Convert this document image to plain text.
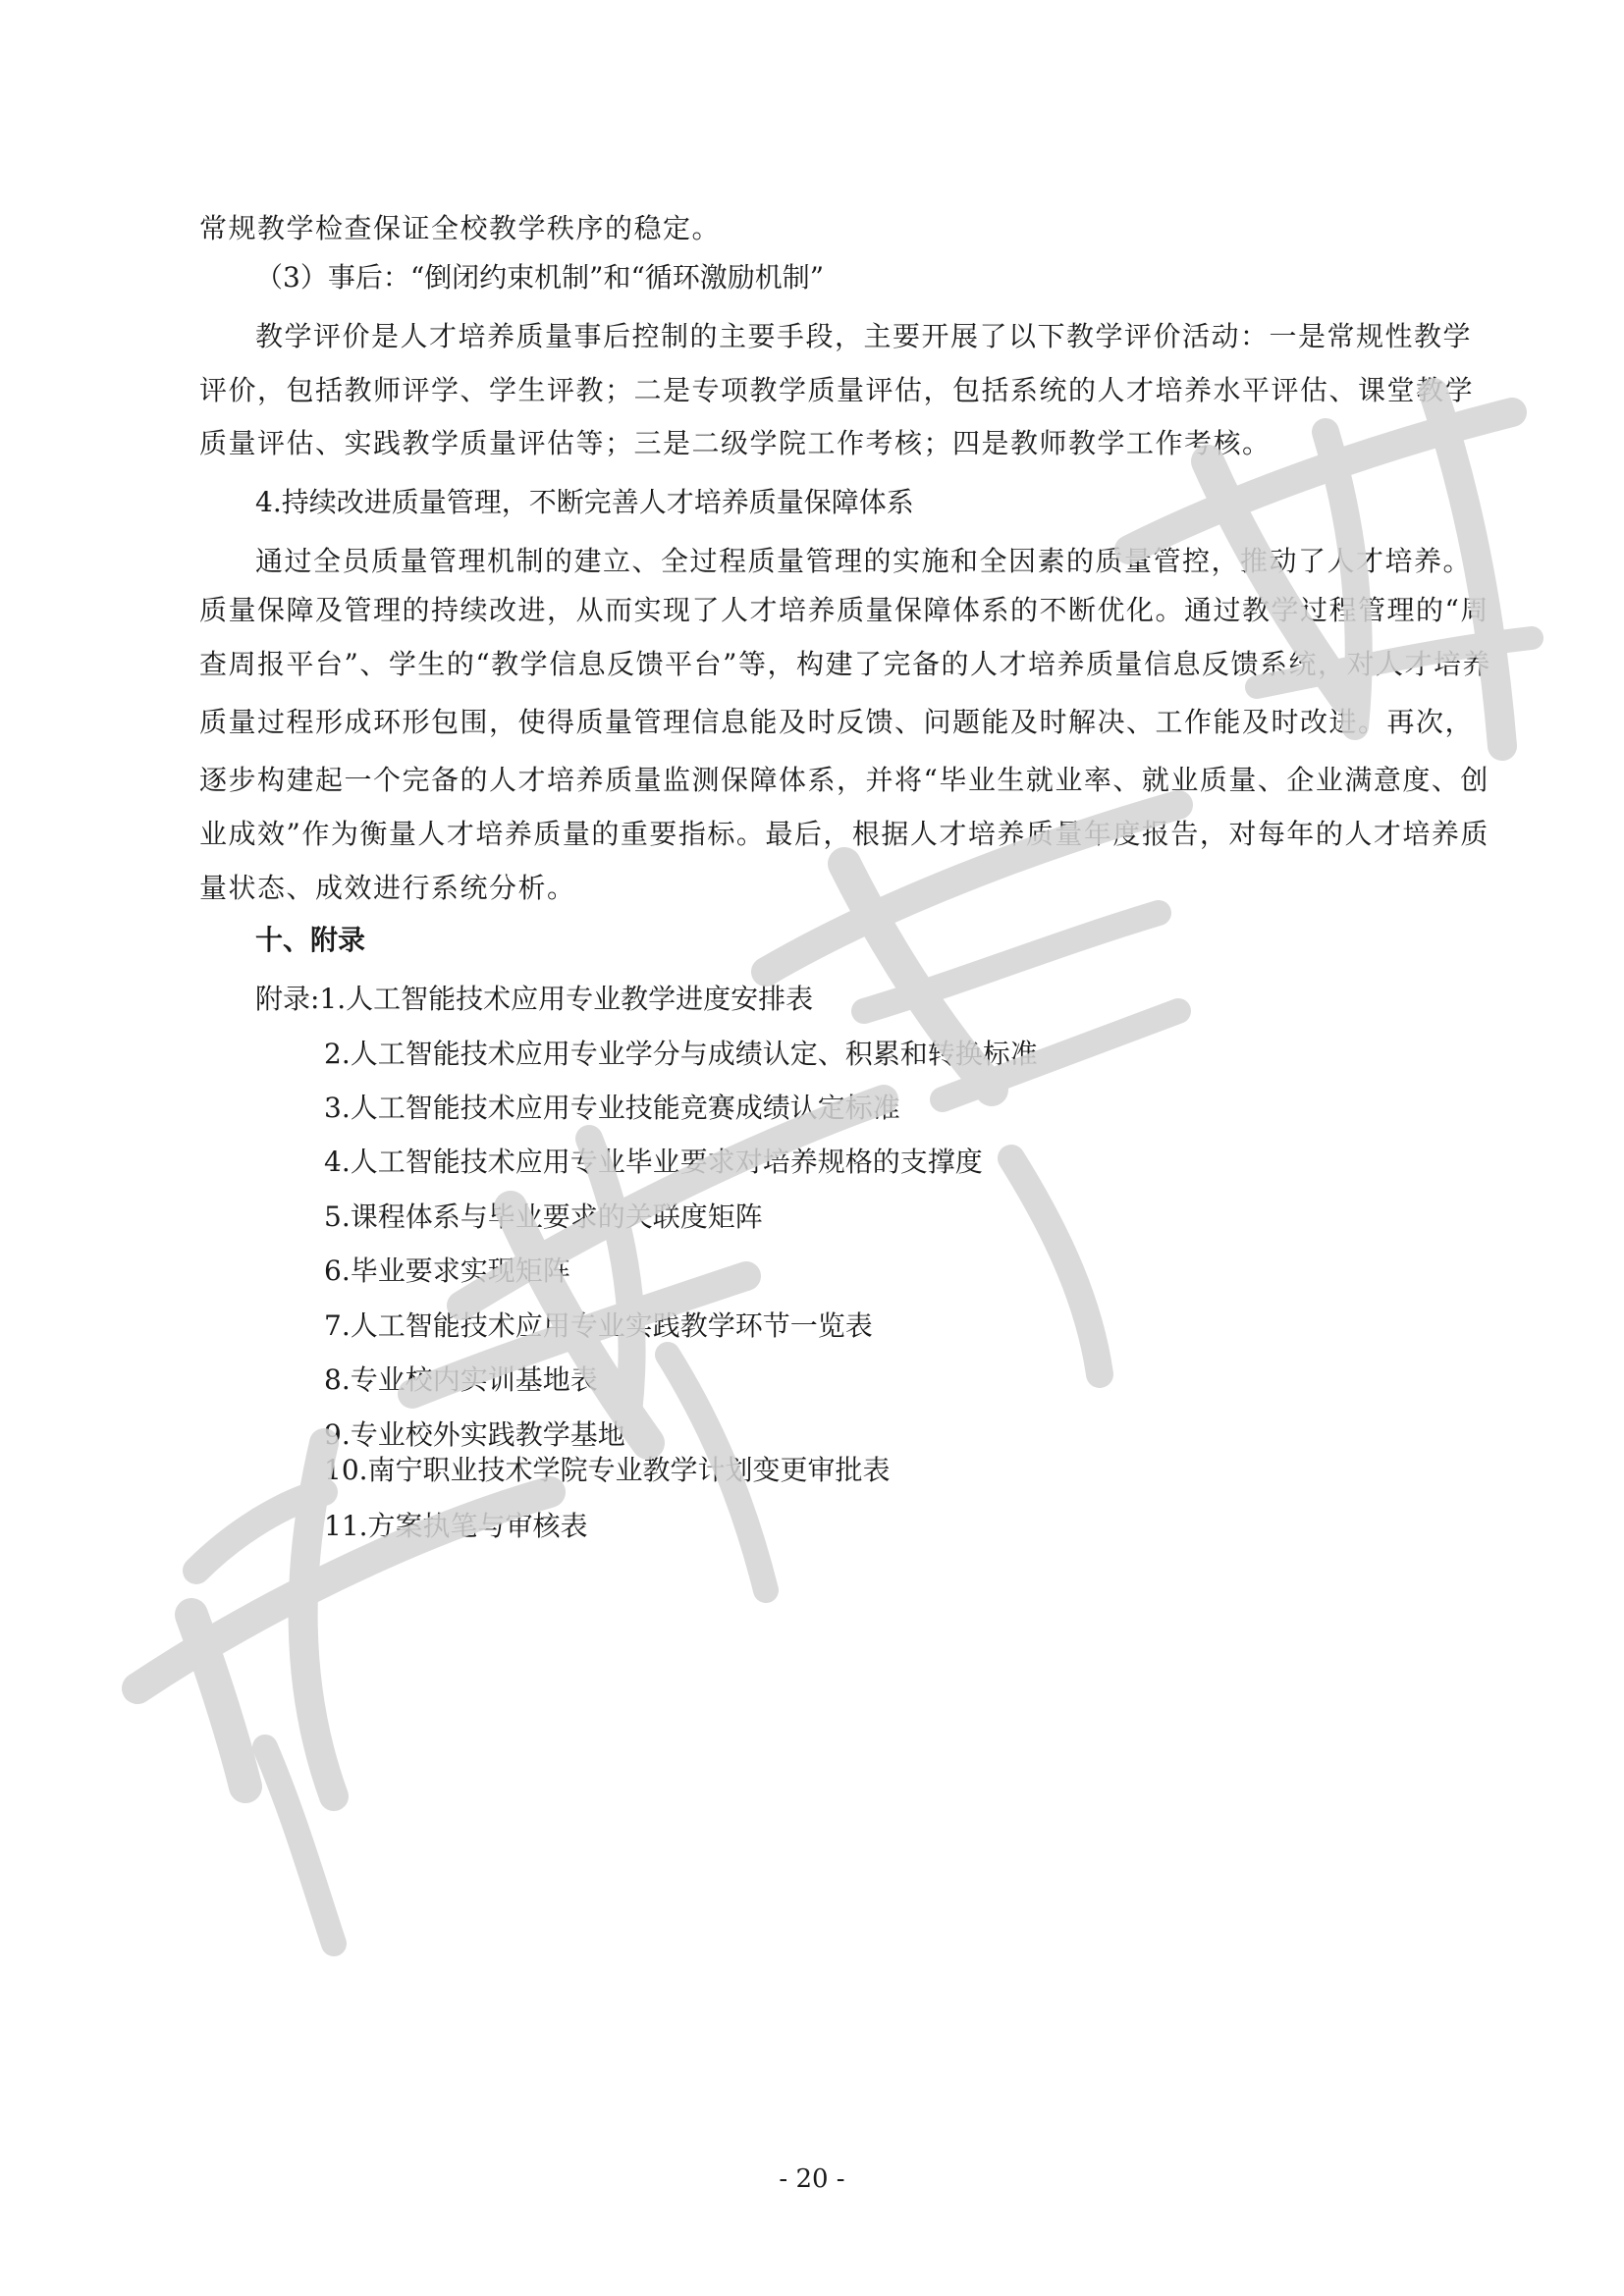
常规教学检查保证全校教学秩序的稳定。
（3）事后：“倒闭约束机制”和“循环激励机制”
教学评价是人才培养质量事后控制的主要手段，主要开展了以下教学评价活动：一是常规性教学
评价，包括教师评学、学生评教；二是专项教学质量评估，包括系统的人才培养水平评估、课堂教学
质量评估、实践教学质量评估等；三是二级学院工作考核；四是教师教学工作考核。
4.持续改进质量管理，不断完善人才培养质量保障体系
通过全员质量管理机制的建立、全过程质量管理的实施和全因素的质量管控，推动了人才培养。
质量保障及管理的持续改进，从而实现了人才培养质量保障体系的不断优化。通过教学过程管理的“周
查周报平台”、学生的“教学信息反馈平台”等，构建了完备的人才培养质量信息反馈系统，对人才培养
质量过程形成环形包围，使得质量管理信息能及时反馈、问题能及时解决、工作能及时改进。再次，
逐步构建起一个完备的人才培养质量监测保障体系，并将“毕业生就业率、就业质量、企业满意度、创
业成效”作为衡量人才培养质量的重要指标。最后，根据人才培养质量年度报告，对每年的人才培养质
量状态、成效进行系统分析。
十、附录
附录:1.人工智能技术应用专业教学进度安排表
2.人工智能技术应用专业学分与成绩认定、积累和转换标准
3.人工智能技术应用专业技能竞赛成绩认定标准
4.人工智能技术应用专业毕业要求对培养规格的支撑度
5.课程体系与毕业要求的关联度矩阵
6.毕业要求实现矩阵
7.人工智能技术应用专业实践教学环节一览表
8.专业校内实训基地表
9.专业校外实践教学基地
10.南宁职业技术学院专业教学计划变更审批表
11.方案执笔与审核表
- 20 -
